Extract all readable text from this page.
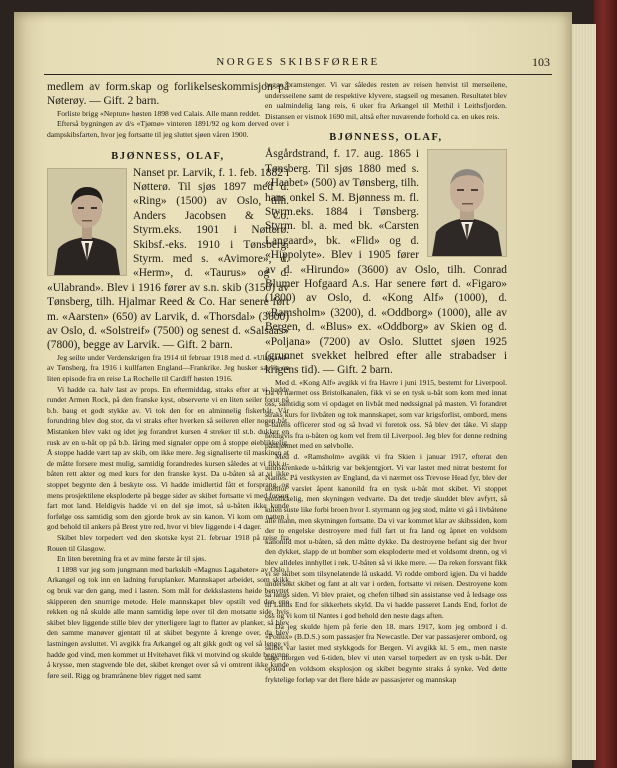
NORGES SKIBSFØRERE	103

medlem av form.skap og forlikelseskommisjon på Nøterøy. — Gift. 2 barn.

Forliste brigg «Neptun» høsten 1898 ved Calais. Alle mann reddet.

Efterså bygningen av d/s «Tjømø» vinteren 1891/92 og kom derved over i dampskibsfarten, hvor jeg fortsatte til jeg sluttet sjøen våren 1900.

BJØNNESS, OLAF,

Nanset pr. Larvik, f. 1. feb. 1882 i Nøtterø. Til sjøs 1897 med d. «Ring» (1500) av Oslo, tilh. Anders Jacobsen & Co. Styrm.eks. 1901 i Nøtterø. Skibsf.-eks. 1910 i Tønsberg. Styrm. med s. «Avimore», d. «Herm», d. «Taurus» og d. «Ulabrand». Blev i 1916 fører av s.n. skib (3150) av Tønsberg, tilh. Hjalmar Reed & Co. Har senere ført m. «Aarsten» (650) av Larvik, d. «Thorsdal» (3600) av Oslo, d. «Solstreif» (7500) og senest d. «Salsaas» (7800), begge av Larvik. — Gift. 2 barn.

Jeg seilte under Verdenskrigen fra 1914 til februar 1918 med d. «Ulabrand» av Tønsberg, fra 1916 i kullfarten England—Frankrike. Jeg husker særlig en liten episode fra en reise La Rochelle til Cardiff høsten 1916.

Vi hadde ca. halv last av props. En eftermiddag, straks efter at vi hadde rundet Armen Rock, på den franske kyst, observerte vi en liten seiler forut på b.b. baug et godt stykke av. Vi tok den for en alminnelig fiskerbåt. Vår forundring blev dog stor, da vi straks efter hverken så seileren eller nogen båt. Mistanken blev vakt og idet jeg forandret kursen 4 streker til st.b. dukker en rusk av en u-båt op på b.b. låring med signaler oppe om å stoppe øieblikkelig. Å stoppe hadde vært tap av skib, om ikke mere. Jeg signaliserte til maskinen at de måtte forsere mest mulig, samtidig forandredes kursen således at vi fikk u-båten rett akter og med kurs for den franske kyst. Da u-båten så at vi ikke stoppet begynte den å beskyte oss. Vi hadde imidlertid fått et forsprang, og mens prosjektilene eksploderte på begge sider av skibet fortsatte vi med forsert fart mot land. Heldigvis hadde vi en del sjø imot, så u-båten ikke kunde forfølge oss samtidig som den gjorde brok av sin kanon. Vi kom om natten i god behold til ankers på Brest ytre red, hvor vi blev liggende i 4 dager.

Skibet blev torpedert ved den skotske kyst 21. februar 1918 på reise fra Rouen til Glasgow.

En liten beretning fra et av mine første år til sjøs.

I 1898 var jeg som jungmann med barkskib «Magnus Lagabøter» av Oslo i Arkangel og tok inn en ladning furuplanker. Mannskapet arbeidet, som skikk og bruk var den gang, med i lasten. Som mål for dekkslastens høide benyttet skipperen den snurrige metode. Hele mannskapet blev opstilt ved den ene rekken og nå skulde alle mann samtidig løpe over til den motsatte side, hvis skibet blev liggende stille blev der ytterligere lagt to flatter av planker, så blev den samme manøver gjentatt til at skibet begynte å krenge over, da blev lastningen avsluttet. Vi avgikk fra Arkangel og alt gikk godt og vel så lenge vi hadde god vind, men kommet ut Hvitehavet fikk vi motvind og skulde begynne å krysse, men stagvende ble det, skibet krenget over så vi omtrent ikke kunde føre seil. Rigg og bramrånene blev rigget ned samt

begge bramstenger. Vi var således resten av reisen henvist til merseilene, undersseilene samt de respektive klyvere, stagseil og mesanen. Resultatet blev en ualmindelig lang reis, 6 uker fra Arkangel til Methil i Leithsfjorden. Distansen er vistnok 1690 mil, altså efter nuværende forhold ca. en ukes reis.

BJØNNESS, OLAF,

Åsgårdstrand, f. 17. aug. 1865 i Tønsberg. Til sjøs 1880 med s. «Haabet» (500) av Tønsberg, tilh. hans onkel S. M. Bjønness m. fl. Styrm.eks. 1884 i Tønsberg. Styrm. bl. a. med bk. «Carsten Langaard», bk. «Flid» og d. «Hippolyte». Blev i 1905 fører av d. «Hirundo» (3600) av Oslo, tilh. Conrad Blumer Hofgaard A.s. Har senere ført d. «Figaro» (1800) av Oslo, d. «Kong Alf» (1000), d. «Ramsholm» (3200), d. «Oddborg» (1000), alle av Bergen, d. «Blus» ex. «Oddborg» av Skien og d. «Poljana» (7200) av Oslo. Sluttet sjøen 1925 (grunnet svekket helbred efter alle strabadser i krigens tid). — Gift. 2 barn.

Med d. «Kong Alf» avgikk vi fra Havre i juni 1915, bestemt for Liverpool. Da vi nærmet oss Bristolkanalen, fikk vi se en tysk u-båt som kom med innat oss, samtidig som vi opdaget en livbåt med nødssignal på masten. Vi forandret straks kurs for livbåten og tok mannskapet, som var krigsforlist, ombord, mens u-båtens officerer stod og så hvad vi foretok oss. Så blev det tåke. Vi slapp heldigvis fra u-båten og kom vel frem til Liverpool. Jeg blev for denne redning påskjønnet med en sølvbolle.

Med d. «Ramsholm» avgikk vi fra Skien i januar 1917, efterat den uinnskrenkede u-båtkrig var bekjentgjort. Vi var lastet med nitrat bestemt for Nantes. På vestkysten av England, da vi nærmet oss Trevose Head fyr, blev der utenfor varslet åpent kanonild fra en tysk u-båt mot skibet. Vi stoppet øieblikkelig, men skyningen vedvarte. Da det tredje skuddet blev avfyrt, så kulen suste like forbi broen hvor I. styrmann og jeg stod, måtte vi gå i livbåtene alle mann, men skytningen fortsatte. Da vi var kommet klar av skibssiden, kom der to engelske destroyere med full fart ut fra land og åpnet en voldsom kanonild mot u-båten, så den måtte dykke. Da destroyene befant sig der hvor den dykket, slapp de ut bomber som eksploderte med et voldsomt drønn, og vi blev alldeles innhyllet i røk. U-båten så vi ikke mere. — Da reken forsvant fikk vi se skibet som tilsynelatende lå uskadd. Vi rodde ombord igjen. Da vi hadde undersøkt skibet og fant at alt var i orden, fortsatte vi reisen. Destroyene kom så langs siden. Vi blev praiet, og chefen tilbød sin assistanse ved å ledsage oss til Lands End for sikkerhets skyld. Da vi hadde passeret Lands End, forlot de oss og vi kom til Nantes i god behold den neste dags aften.

Da jeg skulde hjem på ferie den 18. mars 1917, kom jeg ombord i d. «Pollux» (B.D.S.) som passasjer fra Newcastle. Der var passasjerer ombord, og skibet var lastet med stykkgods for Bergen. Vi avgikk kl. 5 em., men næste dags morgen ved 6-tiden, blev vi uten varsel torpedert av en tysk u-båt. Der opstod en voldsom eksplosjon og skibet begynte straks å synke. Ved dette fryktelige forløp var det flere både av passasjerer og mannskap
